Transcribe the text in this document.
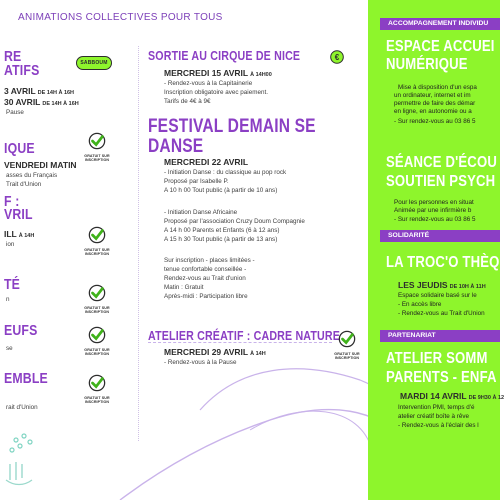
ANIMATIONS COLLECTIVES POUR TOUS
RE
ATIFS	SABBOUM
3 AVRIL DE 14H À 16H
30 AVRIL DE 14H À 16H
Pause
IQUE
VENDREDI MATIN
asses du Français
Trait d'Union
F :
VRIL
ILL À 14H
ion
TÉ
n
EUFS
se
EMBLE
rait d'Union
GRATUIT SUR
INSCRIPTION
GRATUIT SUR
INSCRIPTION
GRATUIT SUR
INSCRIPTION
GRATUIT SUR
INSCRIPTION
GRATUIT SUR
INSCRIPTION
SORTIE AU CIRQUE DE NICE	€
MERCREDI 15 AVRIL À 14H00
- Rendez-vous à la Capitainerie
Inscription obligatoire avec paiement.
Tarifs de 4€ à 9€
FESTIVAL DEMAIN SE
DANSE
MERCREDI 22 AVRIL
- Initiation Danse : du classique au pop rock
Proposé par Isabelle P.
A 10 h 00 Tout public (à partir de 10 ans)
- Initiation Danse Africaine
Proposé par l'association Cruzy Doum Compagnie
A 14 h 00 Parents et Enfants (6 à 12 ans)
A 15 h 30 Tout public (à partir de 13 ans)
Sur inscription - places limitées -
tenue confortable conseillée -
Rendez-vous au Trait d'union
Matin : Gratuit
Après-midi : Participation libre
ATELIER CRÉATIF : CADRE NATURE
MERCREDI 29 AVRIL À 14H
- Rendez-vous à la Pause
GRATUIT SUR
INSCRIPTION
ACCOMPAGNEMENT INDIVIDU
ESPACE ACCUEI
NUMÉRIQUE
Mise à disposition d'un espa
un ordinateur, internet et im
permettre de faire des démar
en ligne, en autonomie ou a
- Sur rendez-vous au 03 86 5
SÉANCE D'ÉCOU
SOUTIEN PSYCH
Pour les personnes en situat
Animée par une infirmière b
- Sur rendez-vous au 03 86 5
SOLIDARITÉ
LA TROC'O THÈQ
LES JEUDIS DE 10H À 11H
Espace solidaire basé sur le
- En accès libre
- Rendez-vous au Trait d'Union
PARTENARIAT
ATELIER SOMM
PARENTS - ENFA
MARDI 14 AVRIL DE 9H30 À 12
Intervention PMI, temps d'é
atelier créatif boîte à rêve
- Rendez-vous à l'éclair des l
